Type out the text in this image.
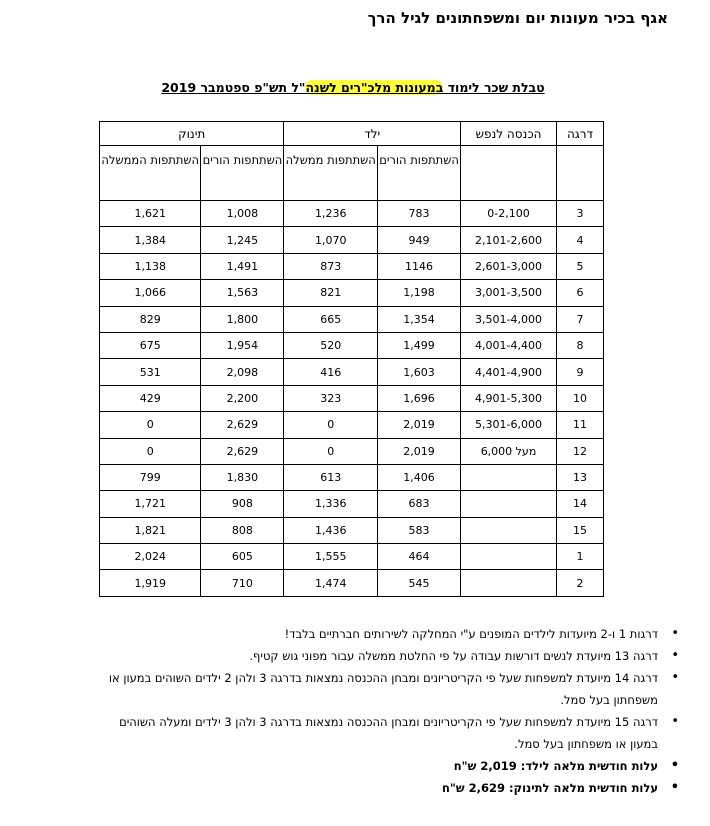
אגף בכיר מעונות יום ומשפחתונים לגיל הרך
טבלת שכר לימוד במעונות מלכ"רים לשנה"ל תש"פ ספטמבר 2019
דרגה	הכנסה לנפש	ילד		תינוק	
		השתתפות הורים	השתתפות ממשלה	השתתפות הורים	השתתפות הממשלה
3	0-2,100	783	1,236	1,008	1,621
4	2,101-2,600	949	1,070	1,245	1,384
5	2,601-3,000	1146	873	1,491	1,138
6	3,001-3,500	1,198	821	1,563	1,066
7	3,501-4,000	1,354	665	1,800	829
8	4,001-4,400	1,499	520	1,954	675
9	4,401-4,900	1,603	416	2,098	531
10	4,901-5,300	1,696	323	2,200	429
11	5,301-6,000	2,019	0	2,629	0
12	מעל 6,000	2,019	0	2,629	0
13		1,406	613	1,830	799
14		683	1,336	908	1,721
15		583	1,436	808	1,821
1		464	1,555	605	2,024
2		545	1,474	710	1,919
• דרגות 1 ו-2 מיועדות לילדים המופנים ע"י המחלקה לשירותים חברתיים בלבד!
• דרגה 13 מיועדת לנשים דורשות עבודה על פי החלטת ממשלה עבור מפוני גוש קטיף.
• דרגה 14 מיועדת למשפחות שעל פי הקריטריונים ומבחן ההכנסה נמצאות בדרגה 3 ולהן 2 ילדים השוהים במעון או משפחתון בעל סמל.
• דרגה 15 מיועדת למשפחות שעל פי הקריטריונים ומבחן ההכנסה נמצאות בדרגה 3 ולהן 3 ילדים ומעלה השוהים במעון או משפחתון בעל סמל.
• עלות חודשית מלאה לילד: 2,019 ש"ח
• עלות חודשית מלאה לתינוק: 2,629 ש"ח
